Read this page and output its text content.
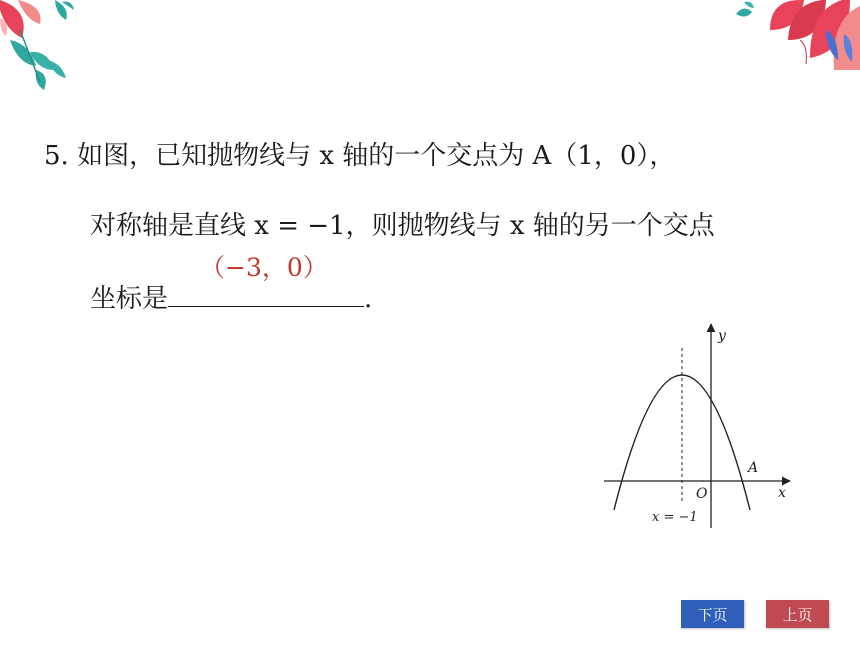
5. 如图，已知抛物线与 x 轴的一个交点为 A（1，0），
对称轴是直线 x = −1，则抛物线与 x 轴的另一个交点
坐标是
（−3，0）
.
y
x
O
A
x = −1
下页	上页
